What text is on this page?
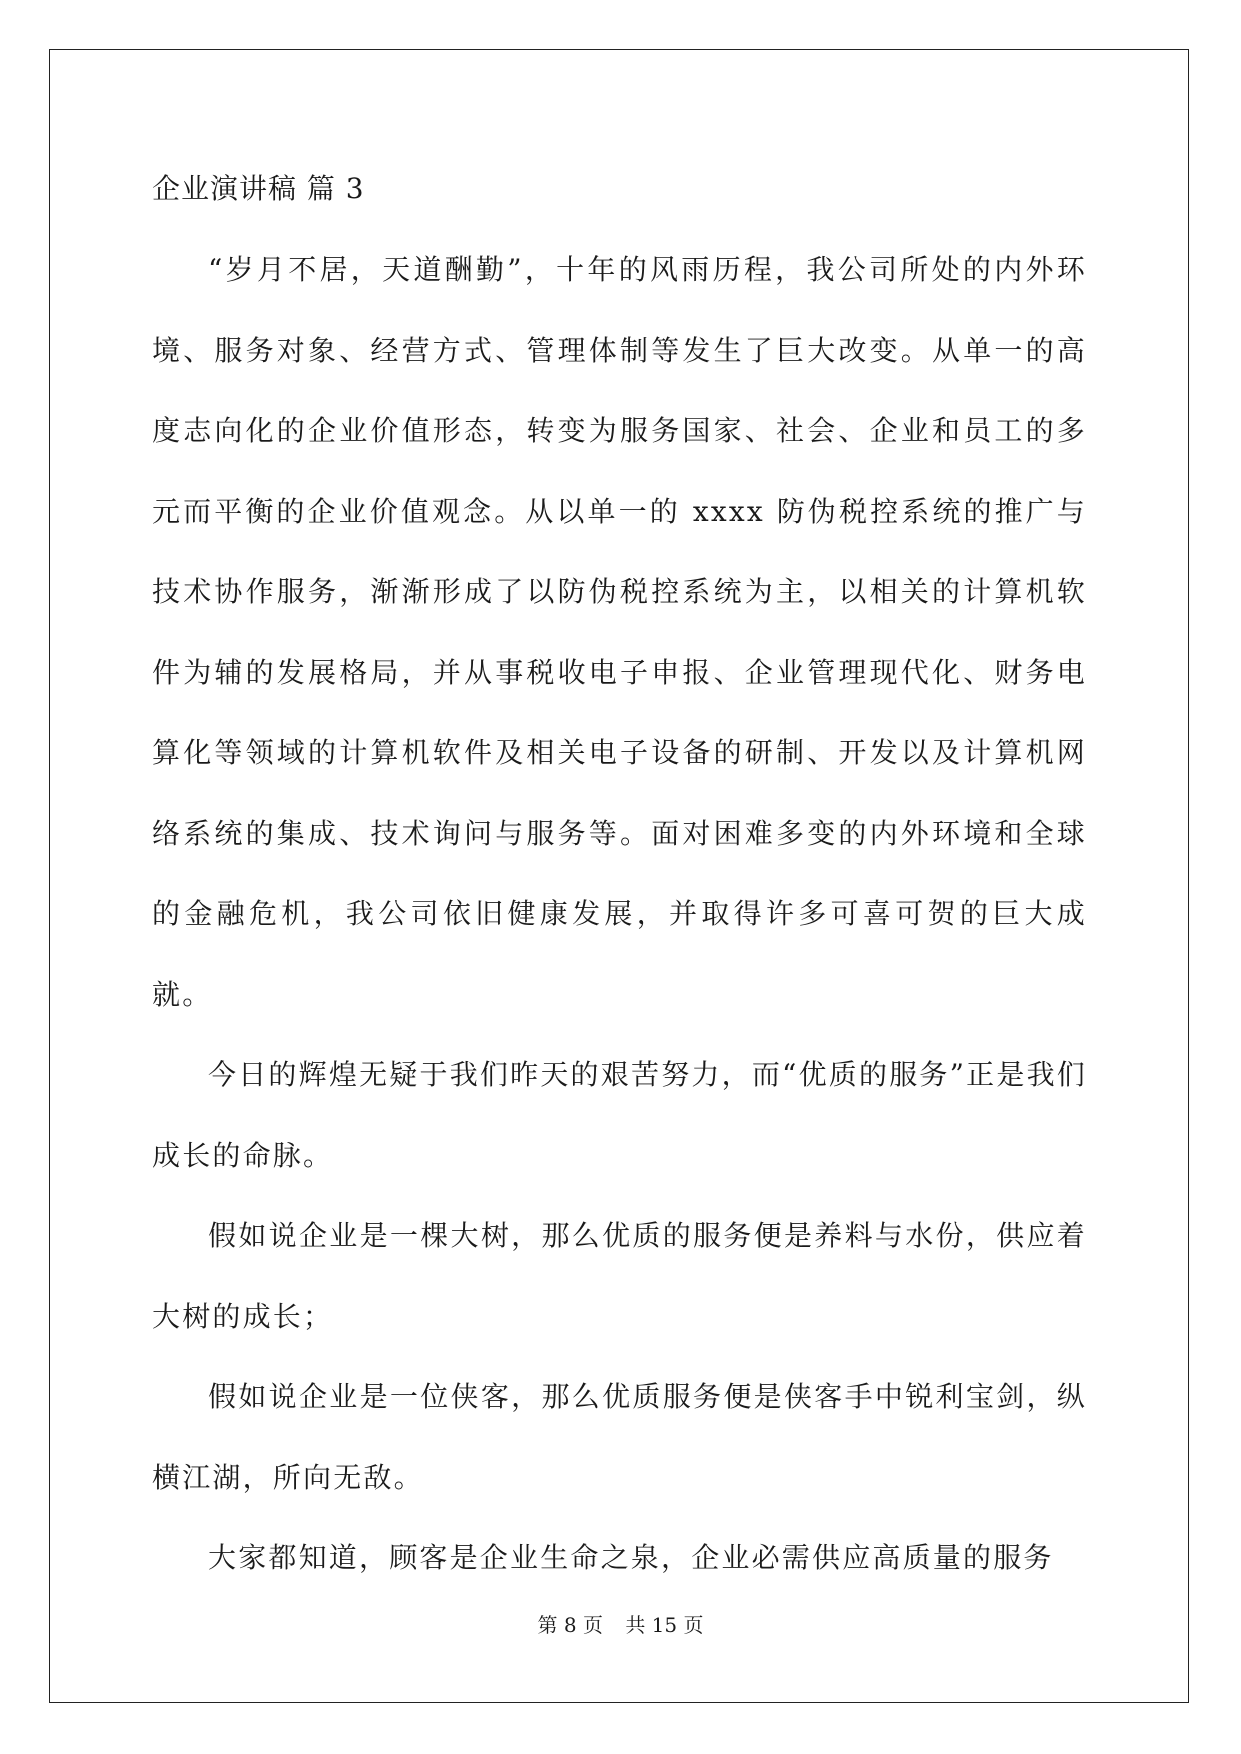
企业演讲稿 篇 3

“岁月不居，天道酬勤”，十年的风雨历程，我公司所处的内外环境、服务对象、经营方式、管理体制等发生了巨大改变。从单一的高度志向化的企业价值形态，转变为服务国家、社会、企业和员工的多元而平衡的企业价值观念。从以单一的 xxxx 防伪税控系统的推广与技术协作服务，渐渐形成了以防伪税控系统为主，以相关的计算机软件为辅的发展格局，并从事税收电子申报、企业管理现代化、财务电算化等领域的计算机软件及相关电子设备的研制、开发以及计算机网络系统的集成、技术询问与服务等。面对困难多变的内外环境和全球的金融危机，我公司依旧健康发展，并取得许多可喜可贺的巨大成就。

今日的辉煌无疑于我们昨天的艰苦努力，而“优质的服务”正是我们成长的命脉。

假如说企业是一棵大树，那么优质的服务便是养料与水份，供应着大树的成长；

假如说企业是一位侠客，那么优质服务便是侠客手中锐利宝剑，纵横江湖，所向无敌。

大家都知道，顾客是企业生命之泉，企业必需供应高质量的服务

第 8 页 共 15 页
